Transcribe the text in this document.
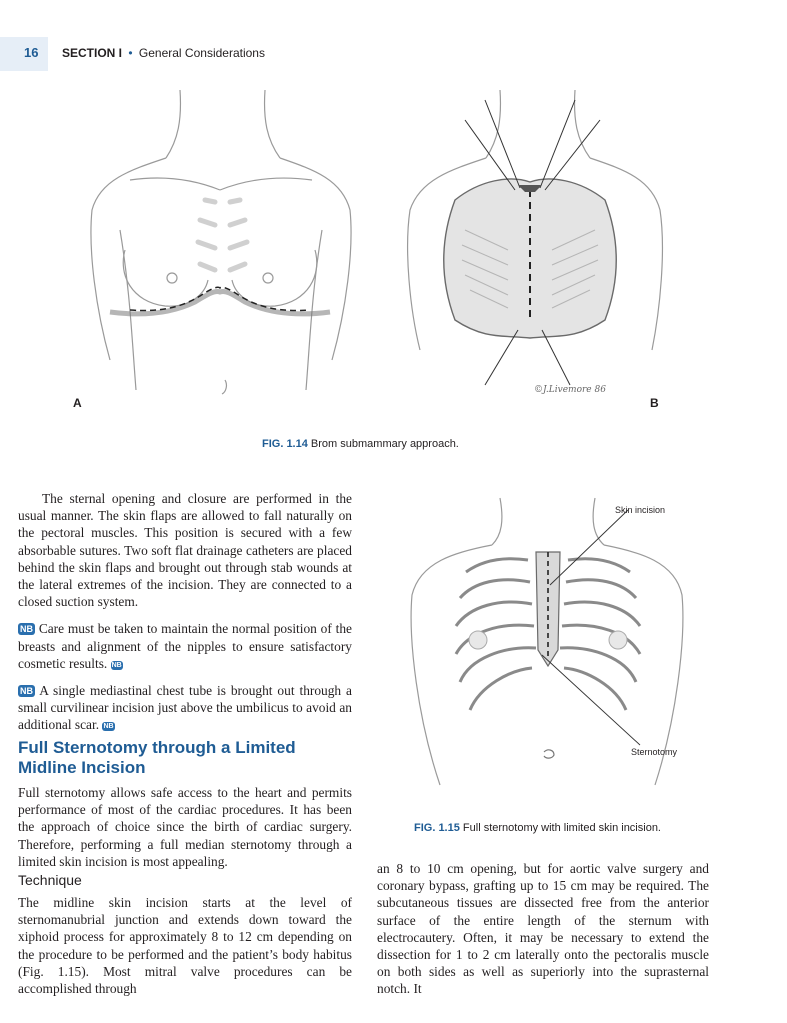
16 SECTION I • General Considerations
A
©J.Livemore 86
B
FIG. 1.14 Brom submammary approach.

The sternal opening and closure are performed in the usual manner. The skin flaps are allowed to fall naturally on the pectoral muscles. This position is secured with a few absorbable sutures. Two soft flat drainage catheters are placed behind the skin flaps and brought out through stab wounds at the lateral extremes of the incision. They are connected to a closed suction system.

NB Care must be taken to maintain the normal position of the breasts and alignment of the nipples to ensure satisfactory cosmetic results. NB

NB A single mediastinal chest tube is brought out through a small curvilinear incision just above the umbilicus to avoid an additional scar. NB

Full Sternotomy through a Limited Midline Incision

Full sternotomy allows safe access to the heart and permits performance of most of the cardiac procedures. It has been the approach of choice since the birth of cardiac surgery. Therefore, performing a full median sternotomy through a limited skin incision is most appealing.

Technique

The midline skin incision starts at the level of sternomanubrial junction and extends down toward the xiphoid process for approximately 8 to 12 cm depending on the procedure to be performed and the patient’s body habitus (Fig. 1.15). Most mitral valve procedures can be accomplished through

Skin incision
Sternotomy
FIG. 1.15 Full sternotomy with limited skin incision.

an 8 to 10 cm opening, but for aortic valve surgery and coronary bypass, grafting up to 15 cm may be required. The subcutaneous tissues are dissected free from the anterior surface of the entire length of the sternum with electrocautery. Often, it may be necessary to extend the dissection for 1 to 2 cm laterally onto the pectoralis muscle on both sides as well as superiorly into the suprasternal notch. It
